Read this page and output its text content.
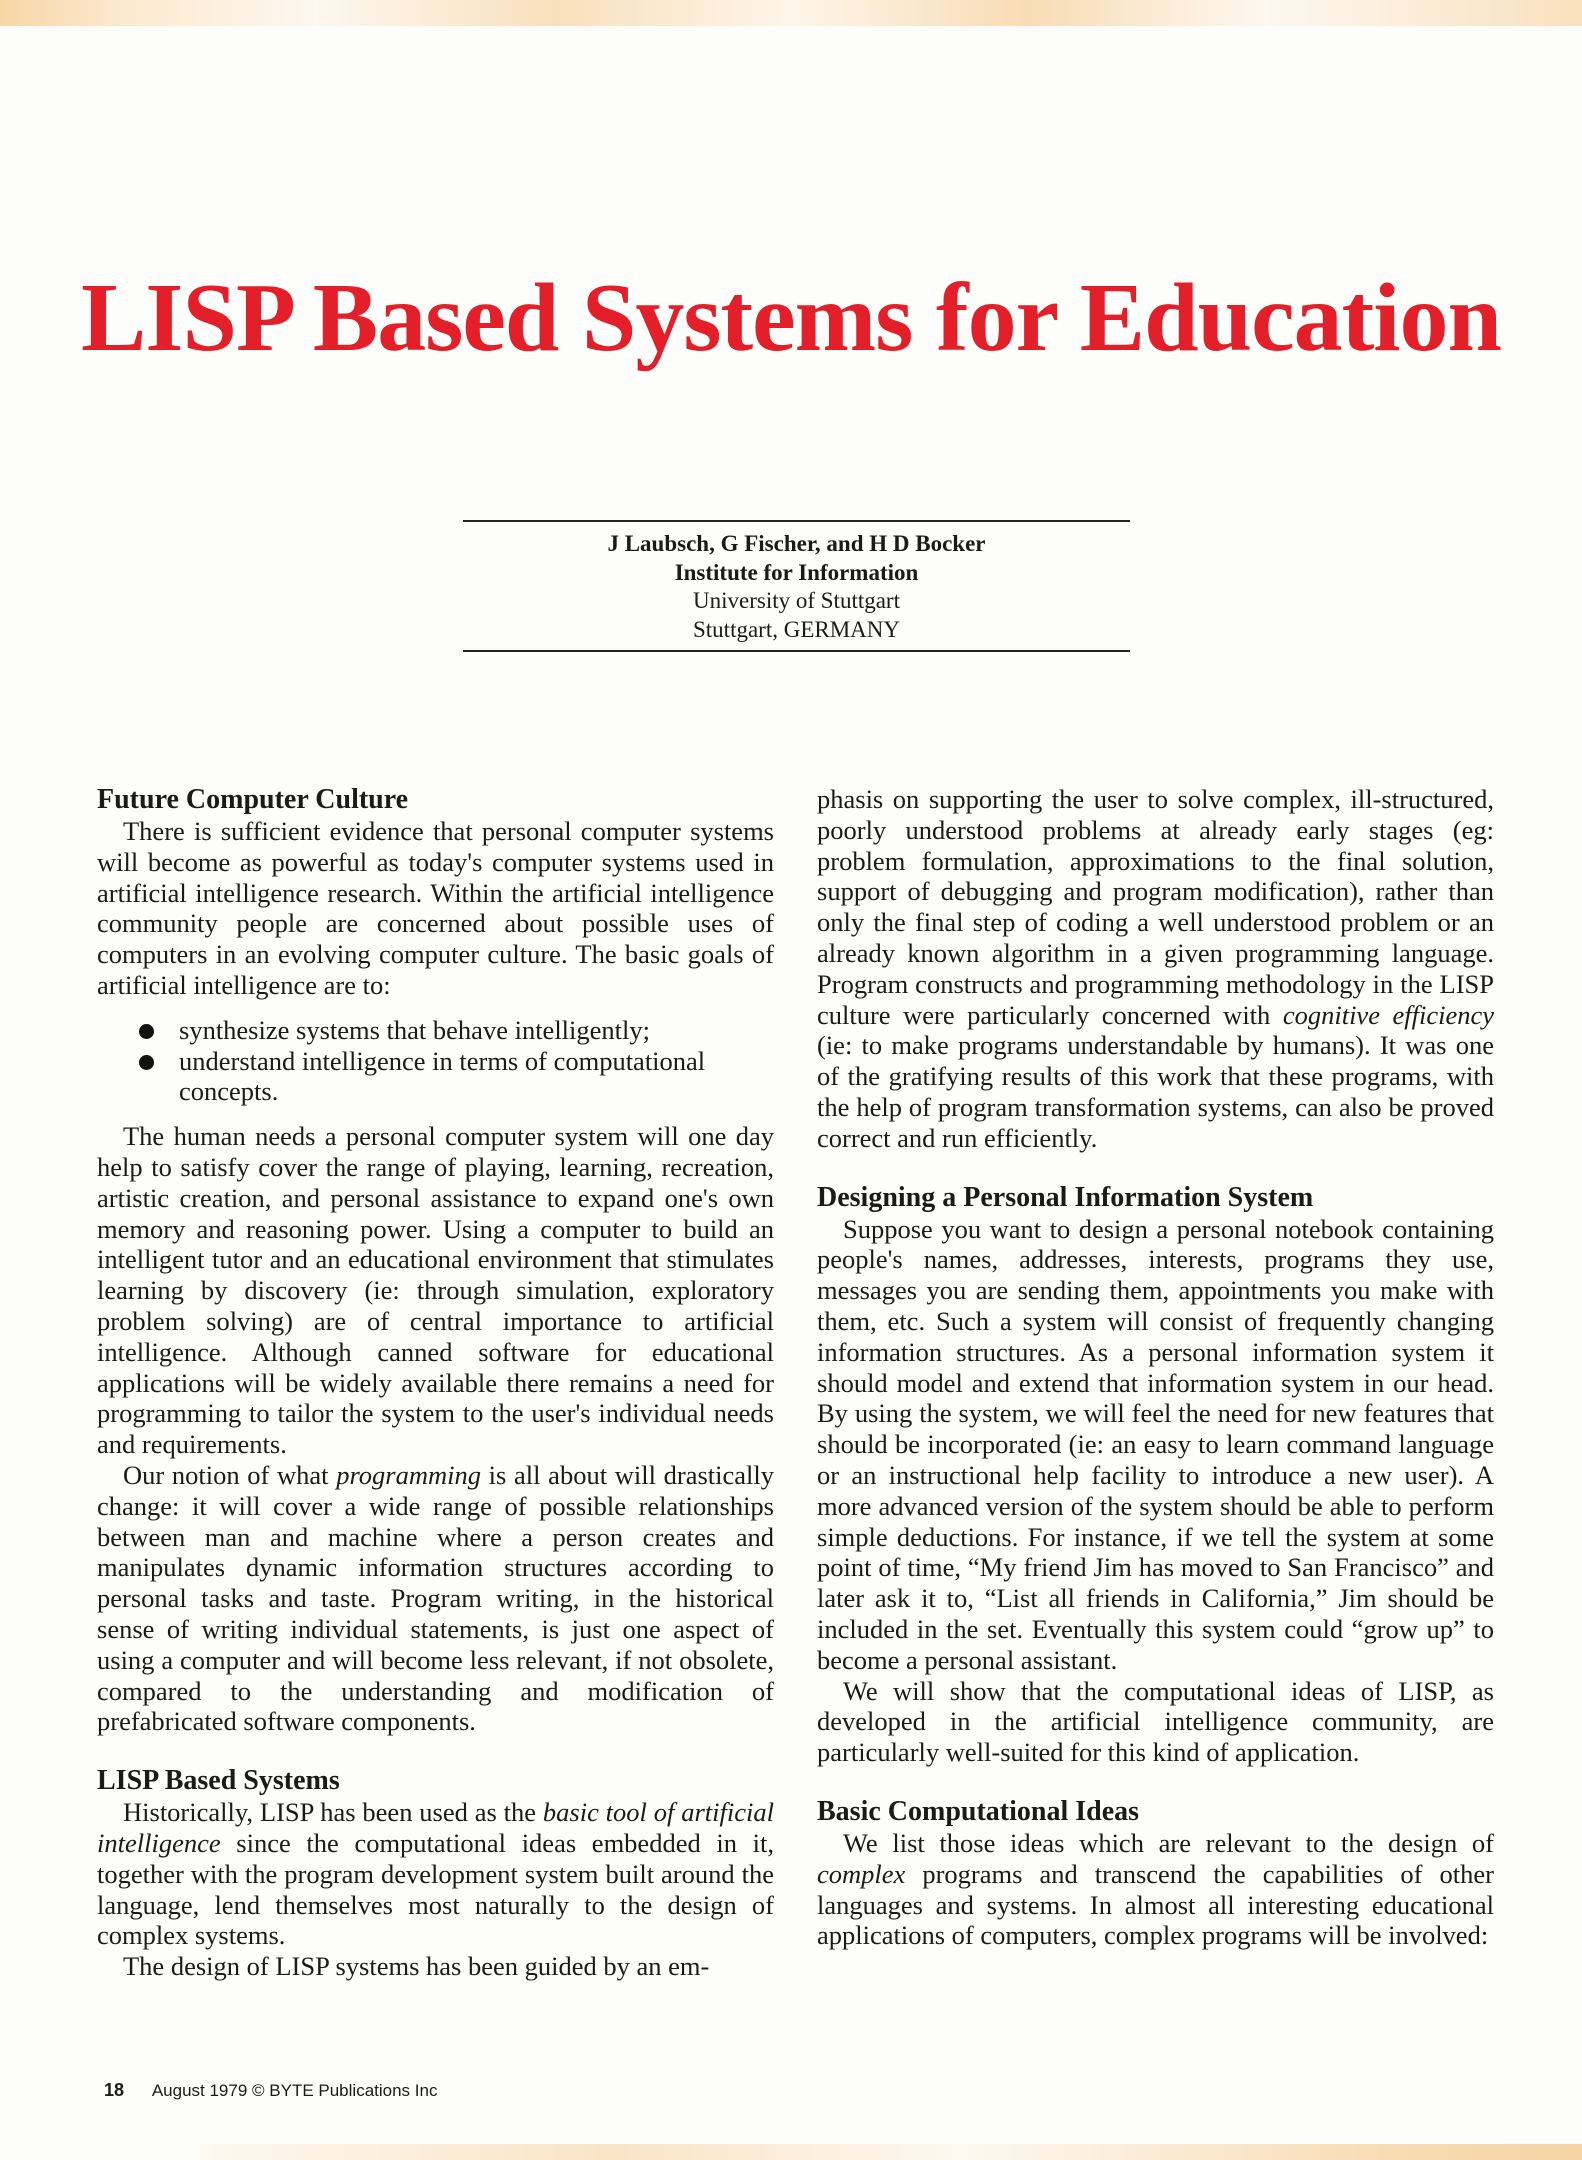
LISP Based Systems for Education
J Laubsch, G Fischer, and H D Bocker
Institute for Information
University of Stuttgart
Stuttgart, GERMANY
Future Computer Culture

There is sufficient evidence that personal computer systems will become as powerful as today's computer systems used in artificial intelligence research. Within the artificial intelligence community people are concerned about possible uses of computers in an evolving computer culture. The basic goals of artificial intelligence are to:

synthesize systems that behave intelligently;
understand intelligence in terms of computational concepts.

The human needs a personal computer system will one day help to satisfy cover the range of playing, learning, recreation, artistic creation, and personal assistance to expand one's own memory and reasoning power. Using a computer to build an intelligent tutor and an educational environment that stimulates learning by discovery (ie: through simulation, exploratory problem solving) are of central importance to artificial intelligence. Although canned software for educational applications will be widely available there remains a need for programming to tailor the system to the user's individual needs and requirements.

Our notion of what programming is all about will drastically change: it will cover a wide range of possible relationships between man and machine where a person creates and manipulates dynamic information structures according to personal tasks and taste. Program writing, in the historical sense of writing individual statements, is just one aspect of using a computer and will become less relevant, if not obsolete, compared to the understanding and modification of prefabricated software components.

LISP Based Systems

Historically, LISP has been used as the basic tool of artificial intelligence since the computational ideas embedded in it, together with the program development system built around the language, lend themselves most naturally to the design of complex systems.

The design of LISP systems has been guided by an em-

phasis on supporting the user to solve complex, ill-structured, poorly understood problems at already early stages (eg: problem formulation, approximations to the final solution, support of debugging and program modification), rather than only the final step of coding a well understood problem or an already known algorithm in a given programming language. Program constructs and programming methodology in the LISP culture were particularly concerned with cognitive efficiency (ie: to make programs understandable by humans). It was one of the gratifying results of this work that these programs, with the help of program transformation systems, can also be proved correct and run efficiently.

Designing a Personal Information System

Suppose you want to design a personal notebook containing people's names, addresses, interests, programs they use, messages you are sending them, appointments you make with them, etc. Such a system will consist of frequently changing information structures. As a personal information system it should model and extend that information system in our head. By using the system, we will feel the need for new features that should be incorporated (ie: an easy to learn command language or an instructional help facility to introduce a new user). A more advanced version of the system should be able to perform simple deductions. For instance, if we tell the system at some point of time, “My friend Jim has moved to San Francisco” and later ask it to, “List all friends in California,” Jim should be included in the set. Eventually this system could “grow up” to become a personal assistant.

We will show that the computational ideas of LISP, as developed in the artificial intelligence community, are particularly well-suited for this kind of application.

Basic Computational Ideas

We list those ideas which are relevant to the design of complex programs and transcend the capabilities of other languages and systems. In almost all interesting educational applications of computers, complex programs will be involved:

18 August 1979 © BYTE Publications Inc
